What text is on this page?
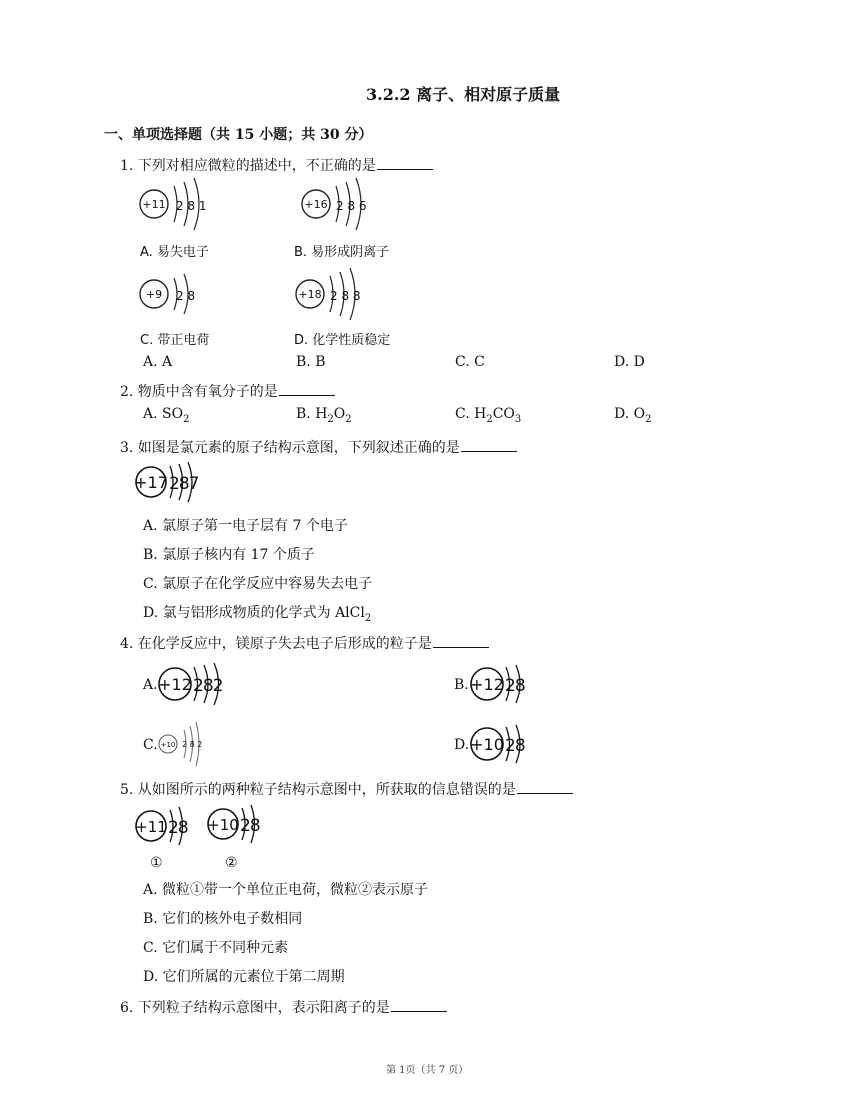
3.2.2 离子、相对原子质量
一、单项选择题（共 15 小题；共 30 分）
1. 下列对相应微粒的描述中，不正确的是
+11 2 8 1
A. 易失电子
+16 2 8 6
B. 易形成阴离子
+9 2 8
C. 带正电荷
+18 2 8 8
D. 化学性质稳定
A. A	B. B	C. C	D. D
2. 物质中含有氧分子的是
A. $SO_2$	B. $H_2O_2$	C. $H_2CO_3$	D. $O_2$
3. 如图是氯元素的原子结构示意图，下列叙述正确的是
+17 287
A. 氯原子第一电子层有 7 个电子
B. 氯原子核内有 17 个质子
C. 氯原子在化学反应中容易失去电子
D. 氯与铝形成物质的化学式为 AlCl$_2$
4. 在化学反应中，镁原子失去电子后形成的粒子是
A. +12 282	B. +12 28
C. +10 2 8 2	D. +10 28
5. 从如图所示的两种粒子结构示意图中，所获取的信息错误的是
+11 28 +10 28
①	②
A. 微粒①带一个单位正电荷，微粒②表示原子
B. 它们的核外电子数相同
C. 它们属于不同种元素
D. 它们所属的元素位于第二周期
6. 下列粒子结构示意图中，表示阳离子的是
第 1页（共 7 页）
